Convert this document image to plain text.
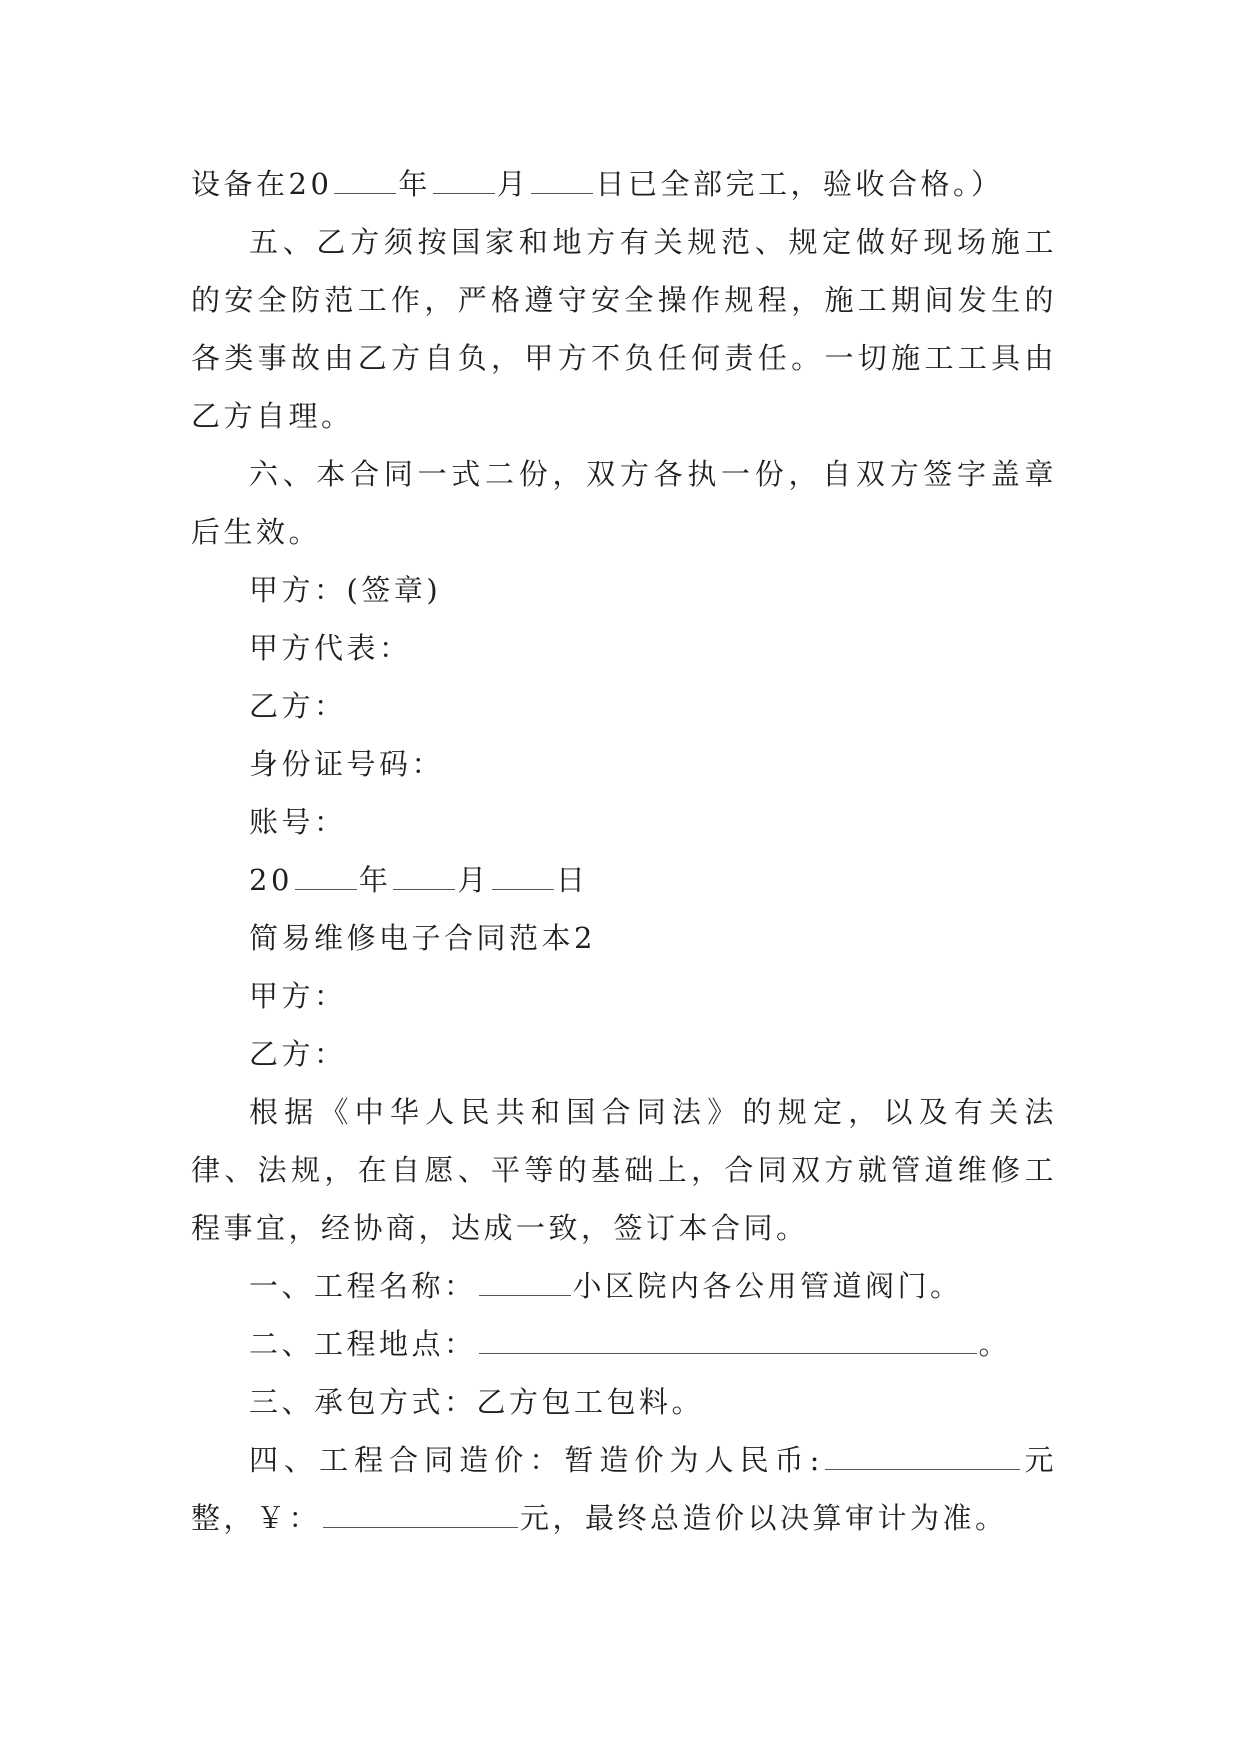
设备在20 年 月 日已全部完工，验收合格。）

五、乙方须按国家和地方有关规范、规定做好现场施工的安全防范工作，严格遵守安全操作规程，施工期间发生的各类事故由乙方自负，甲方不负任何责任。一切施工工具由乙方自理。

六、本合同一式二份，双方各执一份，自双方签字盖章后生效。

甲方：(签章)

甲方代表：

乙方：

身份证号码：

账号：

20 年 月 日

简易维修电子合同范本2

甲方：

乙方：

根据《中华人民共和国合同法》的规定，以及有关法律、法规，在自愿、平等的基础上，合同双方就管道维修工程事宜，经协商，达成一致，签订本合同。

一、工程名称：	小区院内各公用管道阀门。

二、工程地点：	。

三、承包方式：乙方包工包料。

四、工程合同造价：暂造价为人民币:	元整，￥：	元，最终总造价以决算审计为准。
